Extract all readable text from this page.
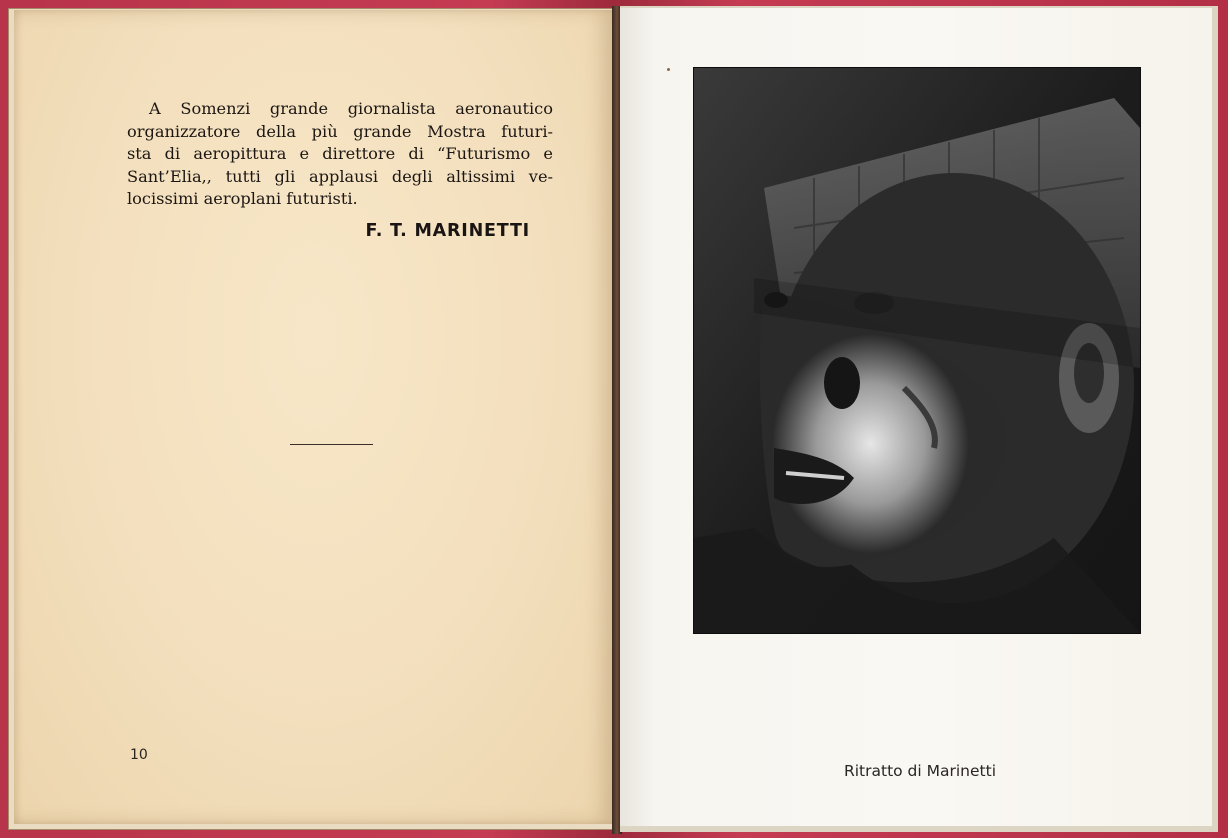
A Somenzi grande giornalista aeronautico
organizzatore della più grande Mostra futuri-
sta di aeropittura e direttore di “Futurismo e
Sant’Elia,, tutti gli applausi degli altissimi ve-
locissimi aeroplani futuristi.

F. T. MARINETTI
10
Ritratto di Marinetti
